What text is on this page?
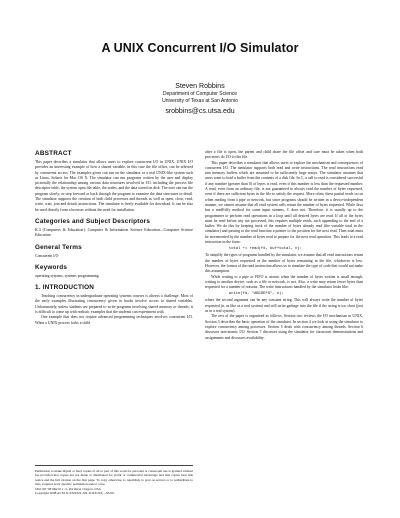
A UNIX Concurrent I/O Simulator
Steven Robbins
Department of Computer Science
University of Texas at San Antonio
srobbins@cs.utsa.edu
ABSTRACT

This paper describes a simulator that allows users to explore concurrent I/O in UNIX. UNIX I/O provides an interesting example of how a shared variable, in this case the file offset, can be affected by concurrent access. The examples given can run on the simulator or a real UNIX-like system such as Linux, Solaris for Mac OS X. The simulator can run programs written by the user and display pictorially the relationship among various data structures involved in I/O, including the process file descriptor table, the system open file table, the nodes, and the data stored on disk. The user can run the program slowly, or step forward or back through the program to examine the data structures in detail. The simulator supports the creation of both child processes and threads as well as open, close, read, write, wait, join and detach instructions. The simulator is freely available for download. It can be also be used directly from a browser without the need for installation.

Categories and Subject Descriptors

K.3 [Computers & Education]: Computer & Information Science Education—Computer Science Education

General Terms

Concurrent I/O

Keywords

operating systems, systems programming

1. INTRODUCTION

Teaching concurrency in undergraduate operating systems courses is always a challenge. Most of the early examples illustrating concurrency given in books involve access to shared variables. Unfortunately, unless students are prepared to write programs involving shared memory or threads, it is difficult to come up with realistic examples that the students can experiment with.

One example that does not require advanced programming techniques involves concurrent I/O. When a UNIX process forks a child

Permission to make digital or hard copies of all or part of this work for personal or classroom use is granted without fee provided that copies are not made or distributed for profit or commercial advantage and that copies bear this notice and the full citation on the first page. To copy otherwise, to republish, to post on servers or to redistribute to lists, requires prior specific permission and/or a fee.

SIGCSE '08 March 1–5, Portland, Oregon, USA

Copyright 2008 ACM X-XXXXX-XX-X/XX/XX ...$5.00.

after a file is open, the parent and child share the file offset and care must be taken when both processes do I/O to this file.

This paper describes a simulator that allows users to explore the mechanism and consequences of concurrent I/O. The simulator supports both read and write instructions. The read instructions read into memory buffers which are assumed to be sufficiently large arrays. The simulator assumes that users want to load a buffer from the contents of a disk file. In C, a call to read is considered successful if any number (greater than 0) of bytes is read, even if this number is less than the requested number. A read, even from an ordinary file, is not guaranteed to always read the number of bytes requested, even if there are sufficient bytes in the file to satisfy the request. More often, these partial reads occur when reading from a pipe or network, but since programs should be written in a device-independent manner, we cannot assume that all read system calls return the number of bytes requested. While Java has a readFully method for some input streams, C does not. Therefore, it is usually up to the programmer to perform read operations in a loop until all desired bytes are read. If all of the bytes must be read before any are processed, this requires multiple reads, each appending to the end of a buffer. We do this by keeping track of the number of bytes already read (the variable total in the simulator) and passing to the read function a pointer to the position for the next read. Then total must be incremented by the number of bytes read to prepare for the next read operation. This leads to a read instruction in the form:

total += read(fd, buf+total, n);

To simplify the types of programs handled by the simulator, we assume that all read instructions return the number of bytes requested or the number of bytes remaining in the file, whichever is less. However, the format of the read instruction allows us to simulate the type of code that would not make this assumption.

While writing to a pipe or FIFO is atomic when the number of bytes written is small enough, writing to another device, such as a file or network, is not. Also, a write may return fewer bytes than requested for a number of reasons. The write instructions handled by the simulator looks like:

write(fd, "ABCDEFG", n);

where the second argument can be any constant string. This will always write the number of bytes requested (n, as like as a real system) and will write garbage into the file if the string is too short (just as in a real system).

The rest of the paper is organized as follows. Section two reviews the I/O mechanism in UNIX. Section 3 describes the basic operation of the simulator. In section 4 we look at using the simulator to explore concurrency among processes. Section 5 deals with concurrency among threads. Section 6 discusses non-atomic I/O. Section 7 discusses using the simulator for classroom demonstrations and assignments and discusses availability.
